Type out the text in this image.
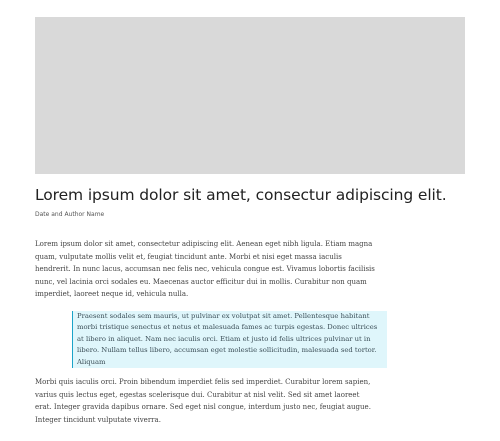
Lorem ipsum dolor sit amet, consectur adipiscing elit.
Date and Author Name

Lorem ipsum dolor sit amet, consectetur adipiscing elit. Aenean eget nibh ligula. Etiam magna quam, vulputate mollis velit et, feugiat tincidunt ante. Morbi et nisi eget massa iaculis hendrerit. In nunc lacus, accumsan nec felis nec, vehicula congue est. Vivamus lobortis facilisis nunc, vel lacinia orci sodales eu. Maecenas auctor efficitur dui in mollis. Curabitur non quam imperdiet, laoreet neque id, vehicula nulla.

Praesent sodales sem mauris, ut pulvinar ex volutpat sit amet. Pellentesque habitant morbi tristique senectus et netus et malesuada fames ac turpis egestas. Donec ultrices at libero in aliquet. Nam nec iaculis orci. Etiam et justo id felis ultrices pulvinar ut in libero. Nullam tellus libero, accumsan eget molestie sollicitudin, malesuada sed tortor. Aliquam

Morbi quis iaculis orci. Proin bibendum imperdiet felis sed imperdiet. Curabitur lorem sapien, varius quis lectus eget, egestas scelerisque dui. Curabitur at nisl velit. Sed sit amet laoreet erat. Integer gravida dapibus ornare. Sed eget nisl congue, interdum justo nec, feugiat augue. Integer tincidunt vulputate viverra.
